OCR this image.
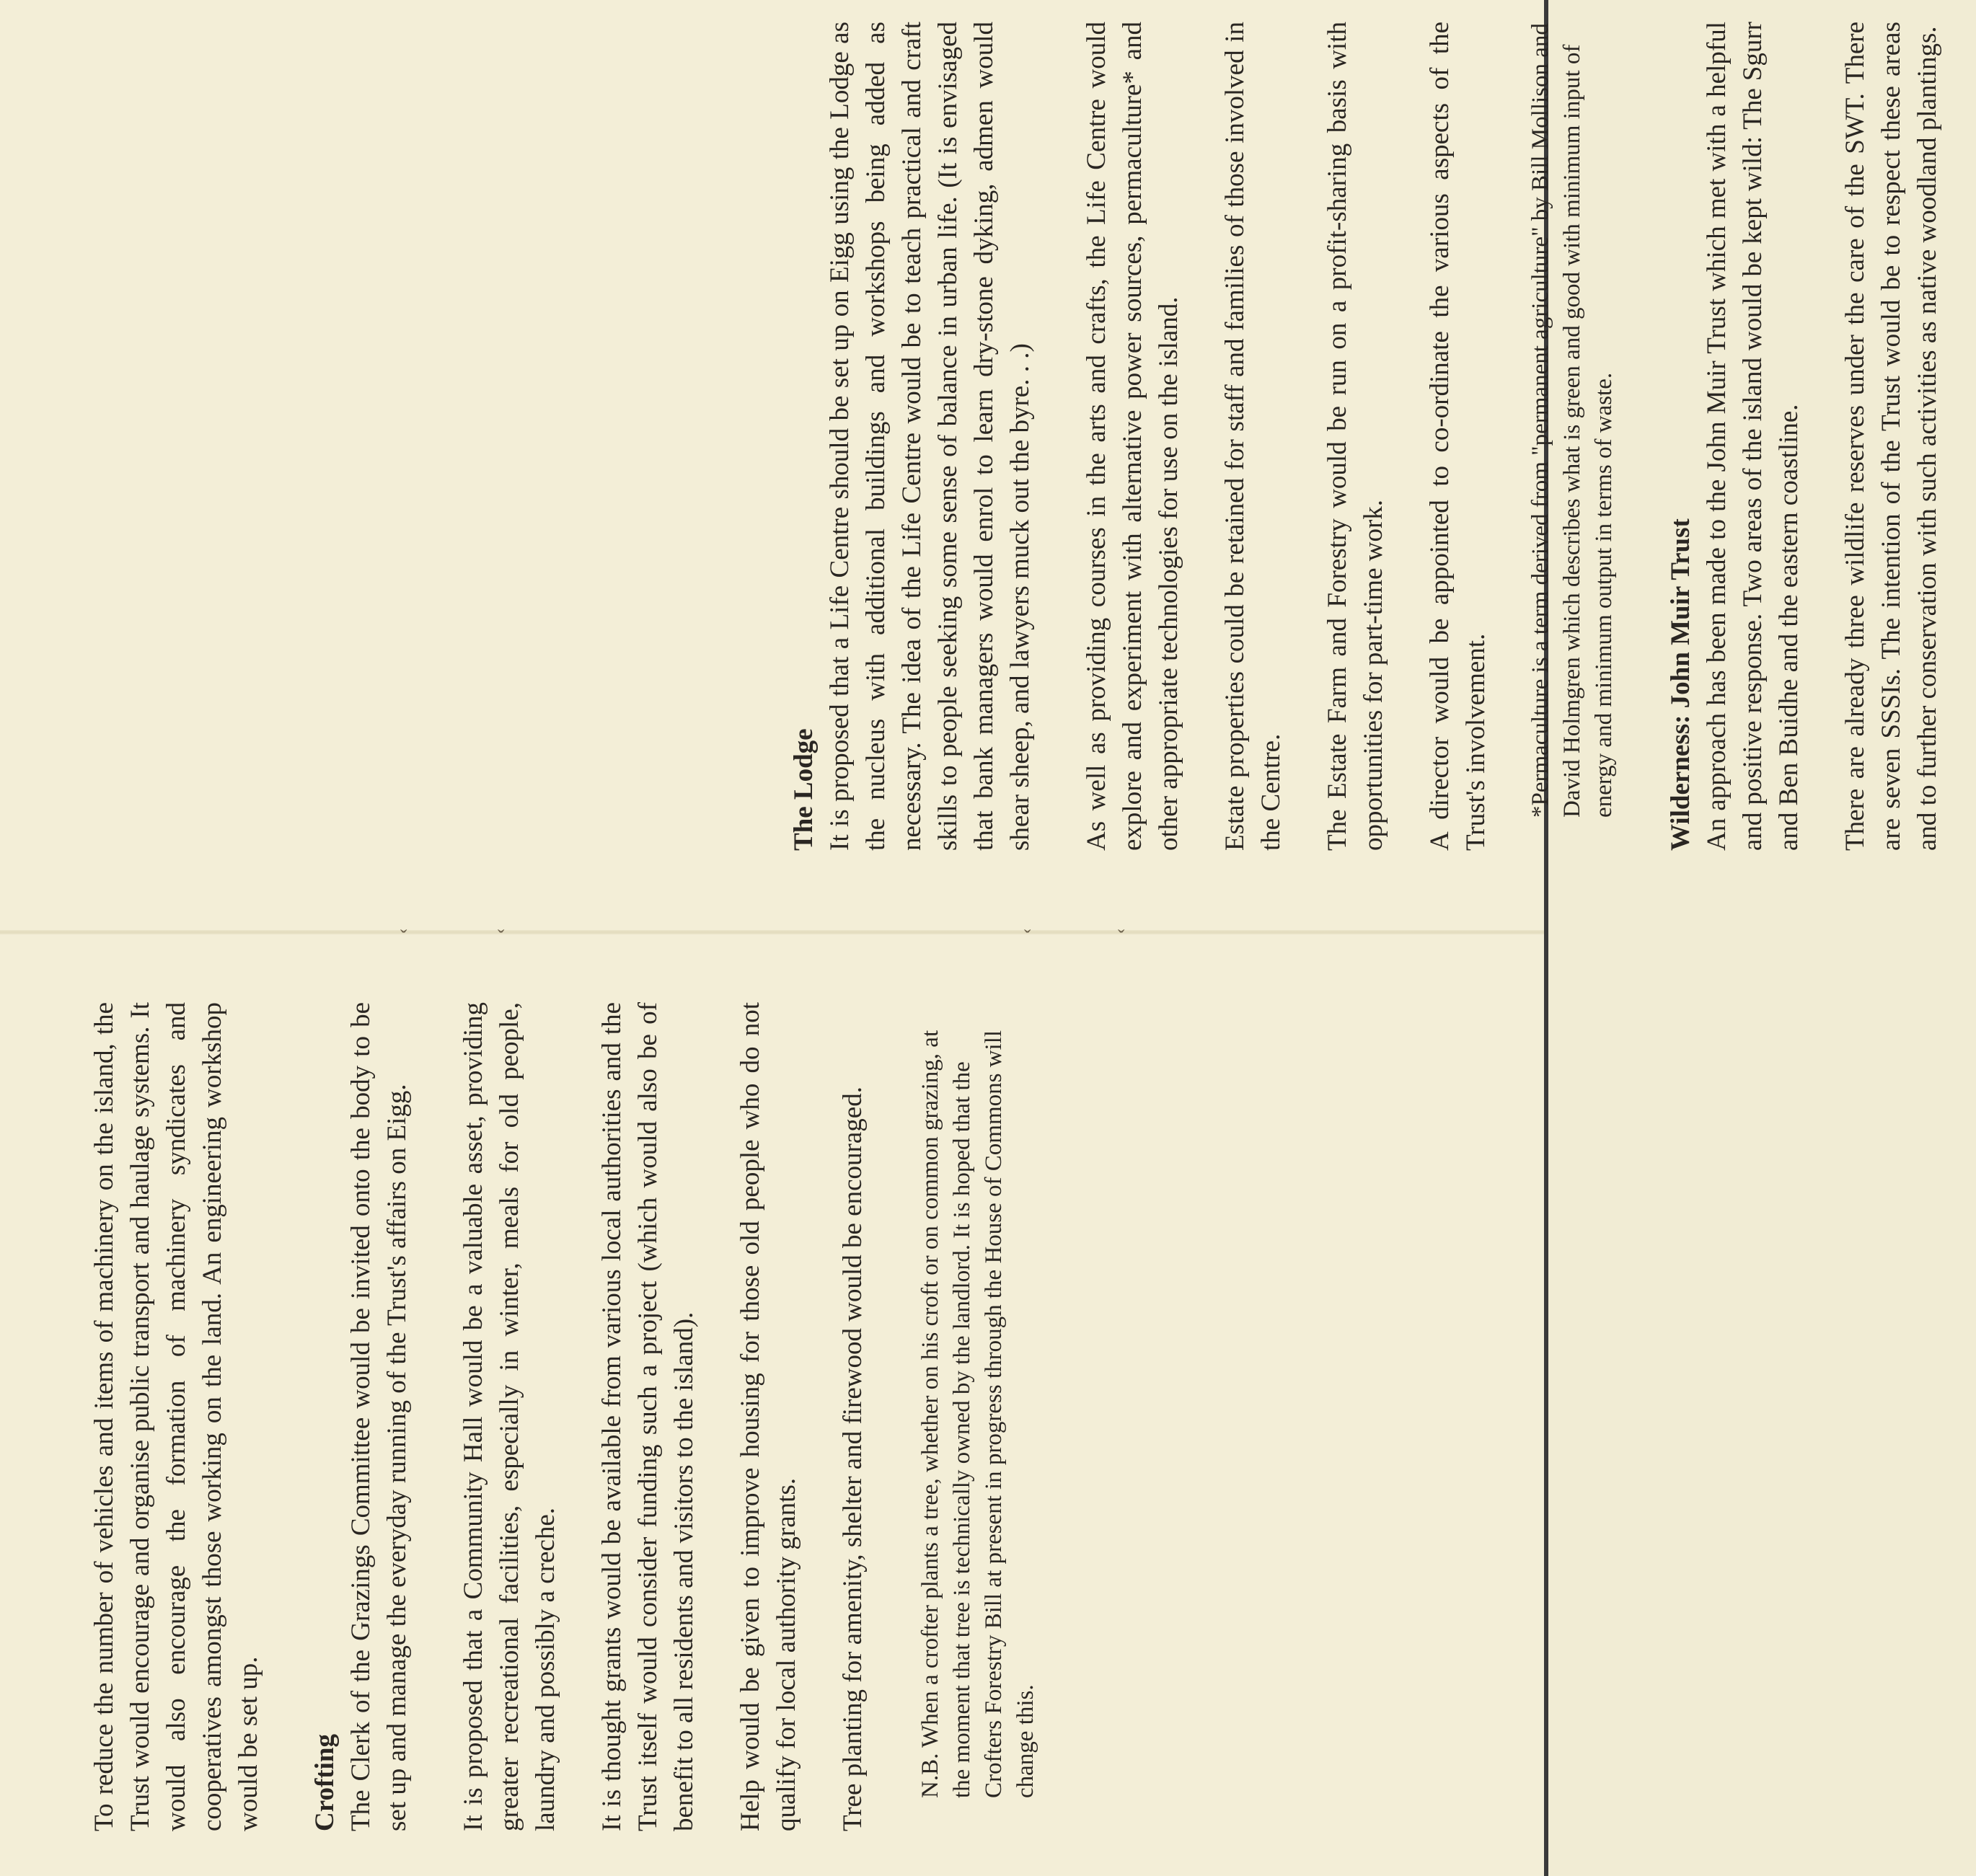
ˇ	ˇ	ˇ	ˇ

To reduce the number of vehicles and items of machinery on the island, the Trust would encourage and organise public transport and haulage systems. It would also encourage the formation of machinery syndicates and cooperatives amongst those working on the land. An engineering workshop would be set up. Crofting The Clerk of the Grazings Committee would be invited onto the body to be set up and manage the everyday running of the Trust's affairs on Eigg. It is proposed that a Community Hall would be a valuable asset, providing greater recreational facilities, especially in winter, meals for old people, laundry and possibly a creche. It is thought grants would be available from various local authorities and the Trust itself would consider funding such a project (which would also be of benefit to all residents and visitors to the island). Help would be given to improve housing for those old people who do not qualify for local authority grants. Tree planting for amenity, shelter and firewood would be encouraged. N.B. When a crofter plants a tree, whether on his croft or on common grazing, at the moment that tree is technically owned by the landlord. It is hoped that the Crofters Forestry Bill at present in progress through the House of Commons will change this.

The Lodge It is proposed that a Life Centre should be set up on Eigg using the Lodge as the nucleus with additional buildings and workshops being added as necessary. The idea of the Life Centre would be to teach practical and craft skills to people seeking some sense of balance in urban life. (It is envisaged that bank managers would enrol to learn dry-stone dyking, admen would shear sheep, and lawyers muck out the byre. . .) As well as providing courses in the arts and crafts, the Life Centre would explore and experiment with alternative power sources, permaculture* and other appropriate technologies for use on the island. Estate properties could be retained for staff and families of those involved in the Centre. The Estate Farm and Forestry would be run on a profit-sharing basis with opportunities for part-time work. A director would be appointed to co-ordinate the various aspects of the Trust's involvement. *Permaculture is a term derived from "permanent agriculture" by Bill Mollison and David Holmgren which describes what is green and good with minimum input of energy and minimum output in terms of waste. Wilderness: John Muir Trust An approach has been made to the John Muir Trust which met with a helpful and positive response. Two areas of the island would be kept wild: The Sgurr and Ben Buidhe and the eastern coastline. There are already three wildlife reserves under the care of the SWT. There are seven SSSIs. The intention of the Trust would be to respect these areas and to further conservation with such activities as native woodland plantings.
